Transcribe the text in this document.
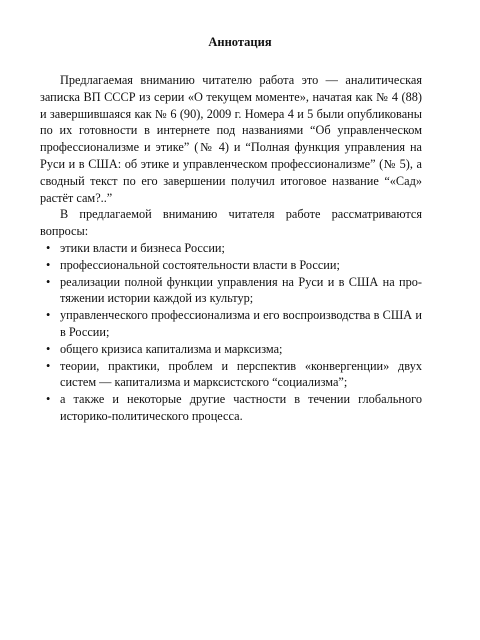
Аннотация

Предлагаемая вниманию читателю работа это — аналитическая записка ВП СССР из серии «О текущем моменте», начатая как № 4 (88) и завершившаяся как № 6 (90), 2009 г. Номера 4 и 5 были опубликованы по их готовности в интернете под названиями “Об управленческом профессионализме и этике” (№ 4) и “Полная функция управления на Руси и в США: об этике и управленческом профессионализме” (№ 5), а сводный текст по его завершении получил итоговое название “«Сад» растёт сам?..”

В предлагаемой вниманию читателя работе рассматриваются вопросы:

• этики власти и бизнеса России;
• профессиональной состоятельности власти в России;
• реализации полной функции управления на Руси и в США на протяжении истории каждой из культур;
• управленческого профессионализма и его воспроизводства в США и в России;
• общего кризиса капитализма и марксизма;
• теории, практики, проблем и перспектив «конвергенции» двух систем — капитализма и марксистского “социализма”;
• а также и некоторые другие частности в течении глобального историко-политического процесса.
